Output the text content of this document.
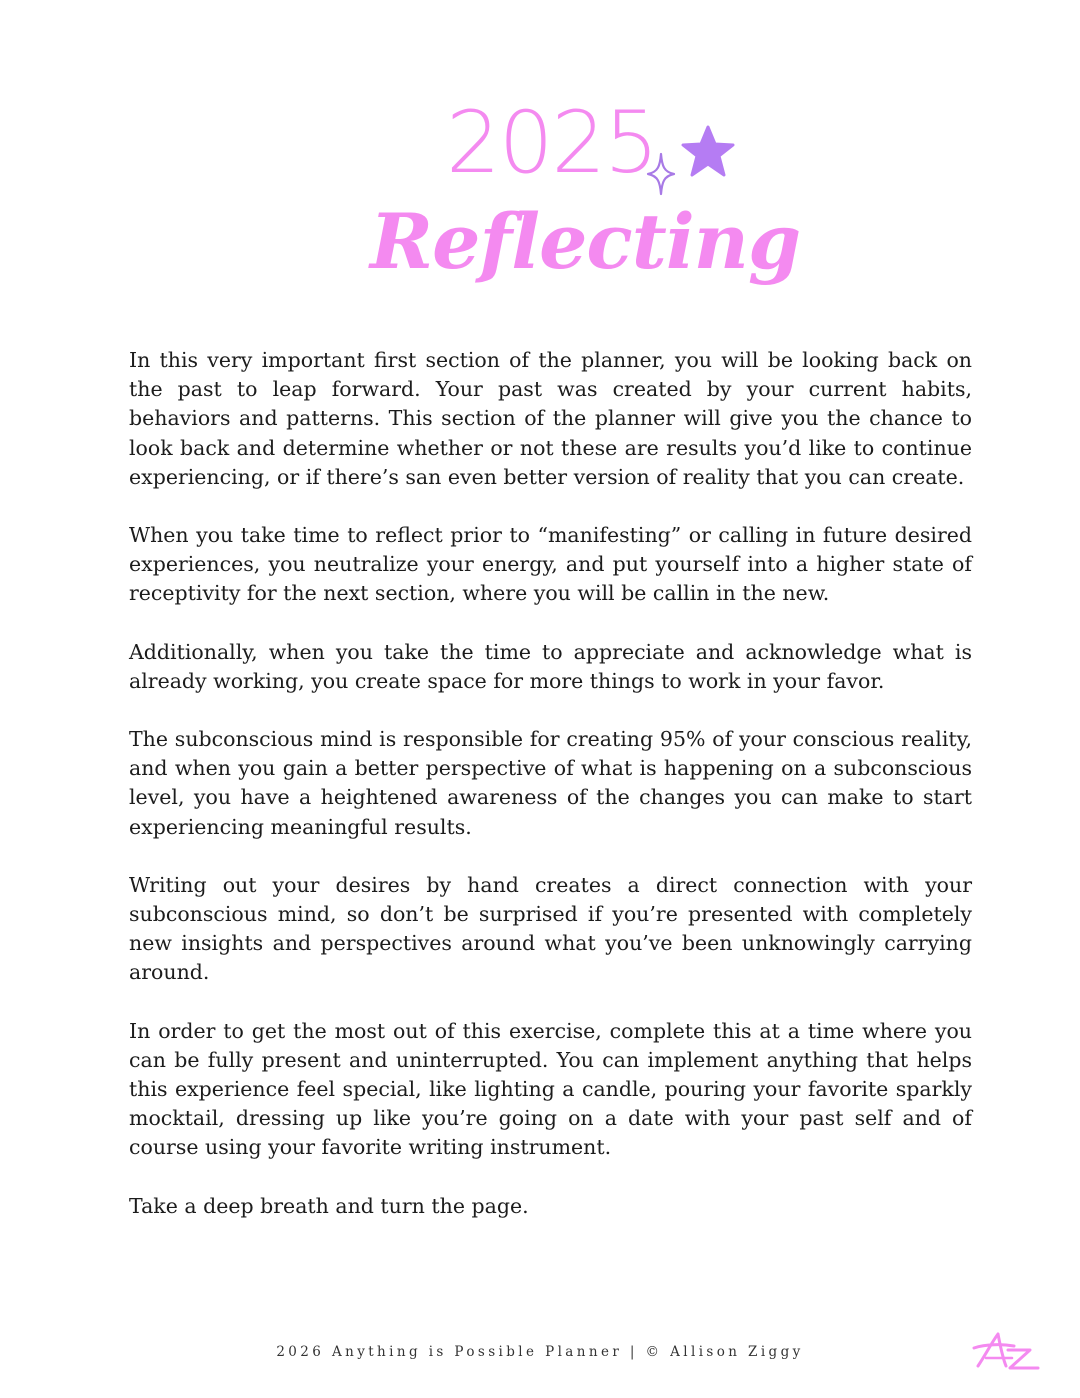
2025
Reflecting

In this very important first section of the planner, you will be looking back on the past to leap forward. Your past was created by your current habits, behaviors and patterns. This section of the planner will give you the chance to look back and determine whether or not these are results you’d like to continue experiencing, or if there’s san even better version of reality that you can create.

When you take time to reflect prior to “manifesting” or calling in future desired experiences, you neutralize your energy, and put yourself into a higher state of receptivity for the next section, where you will be callin in the new.

Additionally, when you take the time to appreciate and acknowledge what is already working, you create space for more things to work in your favor.

The subconscious mind is responsible for creating 95% of your conscious reality, and when you gain a better perspective of what is happening on a subconscious level, you have a heightened awareness of the changes you can make to start experiencing meaningful results.

Writing out your desires by hand creates a direct connection with your subconscious mind, so don’t be surprised if you’re presented with completely new insights and perspectives around what you’ve been unknowingly carrying around.

In order to get the most out of this exercise, complete this at a time where you can be fully present and uninterrupted. You can implement anything that helps this experience feel special, like lighting a candle, pouring your favorite sparkly mocktail, dressing up like you’re going on a date with your past self and of course using your favorite writing instrument.

Take a deep breath and turn the page.

2026 Anything is Possible Planner | © Allison Ziggy
